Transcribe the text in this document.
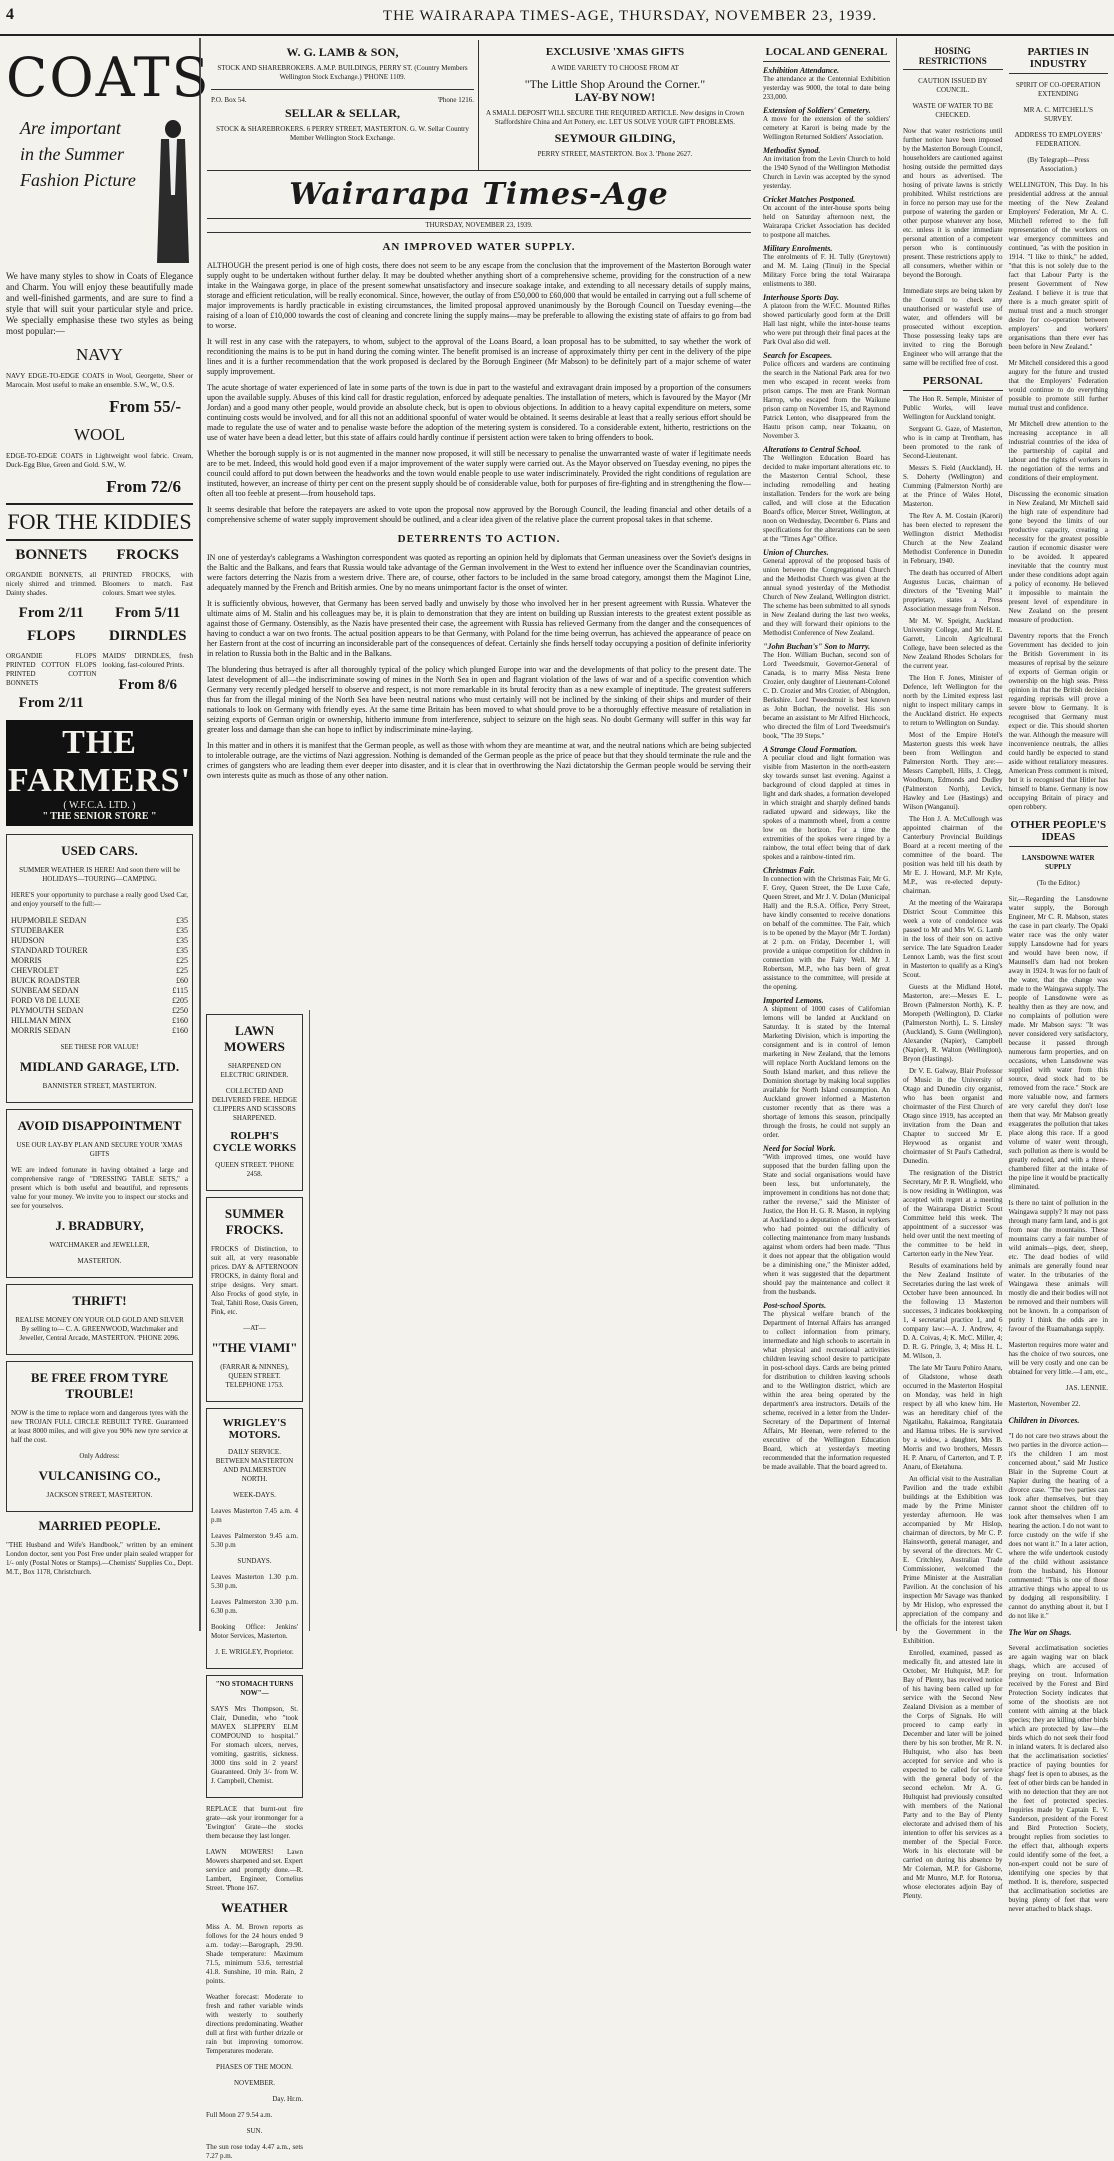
4	THE WAIRARAPA TIMES-AGE, THURSDAY, NOVEMBER 23, 1939.
COATS
Are important
in the Summer
Fashion Picture

We have many styles to show in Coats of Elegance and Charm. You will enjoy these beautifully made and well-finished garments, and are sure to find a style that will suit your particular style and price. We specially emphasise these two styles as being most popular:—

NAVY

NAVY EDGE-TO-EDGE COATS in Wool, Georgette, Sheer or Marocain. Most useful to make an ensemble. S.W., W., O.S.

From 55/-
WOOL

EDGE-TO-EDGE COATS in Lightweight wool fabric. Cream, Duck-Egg Blue, Green and Gold. S.W., W.

From 72/6
FOR THE KIDDIES
BONNETS

ORGANDIE BONNETS, all nicely shirred and trimmed. Dainty shades.

From 2/11
FROCKS

PRINTED FROCKS, with Bloomers to match. Fast colours. Smart wee styles.

From 5/11
FLOPS

ORGANDIE FLOPS PRINTED COTTON FLOPS PRINTED COTTON BONNETS

From 2/11
DIRNDLES

MAIDS' DIRNDLES, fresh looking, fast-coloured Prints.

From 8/6
THE FARMERS'
( W.F.C.A. LTD. )
" THE SENIOR STORE "
USED CARS.

SUMMER WEATHER IS HERE! And soon there will be HOLIDAYS—TOURING—CAMPING.

HERE'S your opportunity to purchase a really good Used Car, and enjoy yourself to the full:—

HUPMOBILE SEDAN	£35
STUDEBAKER	£35
HUDSON	£35
STANDARD TOURER	£35
MORRIS	£25
CHEVROLET	£25
BUICK ROADSTER	£60
SUNBEAM SEDAN	£115
FORD V8 DE LUXE	£205
PLYMOUTH SEDAN	£250
HILLMAN MINX	£160
MORRIS SEDAN	£160

SEE THESE FOR VALUE!

MIDLAND GARAGE, LTD.

BANNISTER STREET, MASTERTON.

AVOID DISAPPOINTMENT

USE OUR LAY-BY PLAN AND SECURE YOUR 'XMAS GIFTS

WE are indeed fortunate in having obtained a large and comprehensive range of "DRESSING TABLE SETS," a present which is both useful and beautiful, and represents value for your money. We invite you to inspect our stocks and see for yourselves.

J. BRADBURY,

WATCHMAKER and JEWELLER,

MASTERTON.

THRIFT!

REALISE MONEY ON YOUR OLD GOLD AND SILVER By selling to— C. A. GREENWOOD, Watchmaker and Jeweller, Central Arcade, MASTERTON. 'PHONE 2096.

BE FREE FROM TYRE TROUBLE!

NOW is the time to replace worn and dangerous tyres with the new TROJAN FULL CIRCLE REBUILT TYRE. Guaranteed at least 8000 miles, and will give you 90% new tyre service at half the cost.

Only Address:

VULCANISING CO.,

JACKSON STREET, MASTERTON.

MARRIED PEOPLE.

"THE Husband and Wife's Handbook," written by an eminent London doctor, sent you Post Free under plain sealed wrapper for 1/- only (Postal Notes or Stamps).—Chemists' Supplies Co., Dept. M.T., Box 1178, Christchurch.

LAWN MOWERS

SHARPENED ON ELECTRIC GRINDER.

COLLECTED AND DELIVERED FREE. HEDGE CLIPPERS AND SCISSORS SHARPENED.

ROLPH'S CYCLE WORKS

QUEEN STREET. 'PHONE 2458.

SUMMER FROCKS.

FROCKS of Distinction, to suit all, at very reasonable prices. DAY & AFTERNOON FROCKS, in dainty floral and stripe designs. Very smart. Also Frocks of good style, in Teal, Tahiti Rose, Oasis Green, Pink, etc.

—AT—

"THE VIAMI"

(FARRAR & NINNES), QUEEN STREET. TELEPHONE 1753.

WRIGLEY'S MOTORS.

DAILY SERVICE. BETWEEN MASTERTON AND PALMERSTON NORTH.

WEEK-DAYS.

Leaves Masterton 7.45 a.m. 4 p.m

Leaves Palmerston 9.45 a.m. 5.30 p.m

SUNDAYS.

Leaves Masterton 1.30 p.m. 5.30 p.m.

Leaves Palmerston 3.30 p.m. 6.30 p.m.

Booking Office: Jenkins' Motor Services, Masterton.

J. E. WRIGLEY, Proprietor.

"NO STOMACH TURNS NOW"—

SAYS Mrs Thompson, St. Clair, Dunedin, who "took MAVEX SLIPPERY ELM COMPOUND to hospital." For stomach ulcers, nerves, vomiting, gastritis, sickness. 3000 tins sold in 2 years! Guaranteed. Only 3/- from W. J. Campbell, Chemist.

REPLACE that burnt-out fire grate—ask your ironmonger for a 'Ewington' Grate—the stocks them because they last longer.

LAWN MOWERS! Lawn Mowers sharpened and set. Expert service and promptly done.—R. Lambert, Engineer, Cornelius Street. 'Phone 167.

WEATHER

Miss A. M. Brown reports as follows for the 24 hours ended 9 a.m. today:—Barograph, 29.90. Shade temperature: Maximum 71.5, minimum 53.6, terrestrial 41.8. Sunshine, 10 min. Rain, 2 points.

Weather forecast: Moderate to fresh and rather variable winds with westerly to southerly directions predominating. Weather dull at first with further drizzle or rain but improving tomorrow. Temperatures moderate.

PHASES OF THE MOON.

NOVEMBER.

Day. Hr.m.

Full Moon 27 9.54 a.m.

SUN.

The sun rose today 4.47 a.m., sets 7.27 p.m.

W. G. LAMB & SON,

STOCK AND SHAREBROKERS. A.M.P. BUILDINGS, PERRY ST. (Country Members Wellington Stock Exchange.) 'PHONE 1109.

P.O. Box 54.	'Phone 1216.
SELLAR & SELLAR,

STOCK & SHAREBROKERS. 6 PERRY STREET, MASTERTON. G. W. Sellar Country Member Wellington Stock Exchange.

EXCLUSIVE 'XMAS GIFTS

A WIDE VARIETY TO CHOOSE FROM AT

"The Little Shop Around the Corner."
LAY-BY NOW!

A SMALL DEPOSIT WILL SECURE THE REQUIRED ARTICLE. New designs in Crown Staffordshire China and Art Pottery, etc. LET US SOLVE YOUR GIFT PROBLEMS.

SEYMOUR GILDING,

PERRY STREET, MASTERTON. Box 3. 'Phone 2627.

Wairarapa Times-Age
THURSDAY, NOVEMBER 23, 1939.
AN IMPROVED WATER SUPPLY.

ALTHOUGH the present period is one of high costs, there does not seem to be any escape from the conclusion that the improvement of the Masterton Borough water supply ought to be undertaken without further delay. It may be doubted whether anything short of a comprehensive scheme, providing for the construction of a new intake in the Waingawa gorge, in place of the present somewhat unsatisfactory and insecure soakage intake, and extending to all necessary details of supply mains, storage and efficient reticulation, will be really economical. Since, however, the outlay of from £50,000 to £60,000 that would be entailed in carrying out a full scheme of major improvements is hardly practicable in existing circumstances, the limited proposal approved unanimously by the Borough Council on Tuesday evening—the raising of a loan of £10,000 towards the cost of cleaning and concrete lining the supply mains—may be preferable to allowing the existing state of affairs to go from bad to worse.

It will rest in any case with the ratepayers, to whom, subject to the approval of the Loans Board, a loan proposal has to be submitted, to say whether the work of reconditioning the mains is to be put in hand during the coming winter. The benefit promised is an increase of approximately thirty per cent in the delivery of the pipe lines and it is a further recommendation that the work proposed is declared by the Borough Engineer (Mr Mabson) to be definitely part of a major scheme of water supply improvement.

The acute shortage of water experienced of late in some parts of the town is due in part to the wasteful and extravagant drain imposed by a proportion of the consumers upon the available supply. Abuses of this kind call for drastic regulation, enforced by adequate penalties. The installation of meters, which is favoured by the Mayor (Mr Jordan) and a good many other people, would provide an absolute check, but is open to obvious objections. In addition to a heavy capital expenditure on meters, some continuing costs would be involved, and for all this not an additional spoonful of water would be obtained. It seems desirable at least that a really serious effort should be made to regulate the use of water and to penalise waste before the adoption of the metering system is considered. To a considerable extent, hitherto, restrictions on the use of water have been a dead letter, but this state of affairs could hardly continue if persistent action were taken to bring offenders to book.

Whether the borough supply is or is not augmented in the manner now proposed, it will still be necessary to penalise the unwarranted waste of water if legitimate needs are to be met. Indeed, this would hold good even if a major improvement of the water supply were carried out. As the Mayor observed on Tuesday evening, no pipes the council could afford to put down between the headworks and the town would enable people to use water indiscriminately. Provided the right conditions of regulation are instituted, however, an increase of thirty per cent on the present supply should be of considerable value, both for purposes of fire-fighting and in strengthening the flow—often all too feeble at present—from household taps.

It seems desirable that before the ratepayers are asked to vote upon the proposal now approved by the Borough Council, the leading financial and other details of a comprehensive scheme of water supply improvement should be outlined, and a clear idea given of the relative place the current proposal takes in that scheme.

DETERRENTS TO ACTION.

IN one of yesterday's cablegrams a Washington correspondent was quoted as reporting an opinion held by diplomats that German uneasiness over the Soviet's designs in the Baltic and the Balkans, and fears that Russia would take advantage of the German involvement in the West to extend her influence over the Scandinavian countries, were factors deterring the Nazis from a western drive. There are, of course, other factors to be included in the same broad category, amongst them the Maginot Line, adequately manned by the French and British armies. One by no means unimportant factor is the onset of winter.

It is sufficiently obvious, however, that Germany has been served badly and unwisely by those who involved her in her present agreement with Russia. Whatever the ultimate aims of M. Stalin and his colleagues may be, it is plain to demonstration that they are intent on building up Russian interests to the greatest extent possible as against those of Germany. Ostensibly, as the Nazis have presented their case, the agreement with Russia has relieved Germany from the danger and the consequences of having to conduct a war on two fronts. The actual position appears to be that Germany, with Poland for the time being overrun, has achieved the appearance of peace on her Eastern front at the cost of incurring an inconsiderable part of the consequences of defeat. Certainly she finds herself today occupying a position of definite inferiority in relation to Russia both in the Baltic and in the Balkans.

The blundering thus betrayed is after all thoroughly typical of the policy which plunged Europe into war and the developments of that policy to the present date. The latest development of all—the indiscriminate sowing of mines in the North Sea in open and flagrant violation of the laws of war and of a specific convention which Germany very recently pledged herself to observe and respect, is not more remarkable in its brutal ferocity than as a new example of ineptitude. The greatest sufferers thus far from the illegal mining of the North Sea have been neutral nations who must certainly will not be inclined by the sinking of their ships and murder of their nationals to look on Germany with friendly eyes. At the same time Britain has been moved to what should prove to be a thoroughly effective measure of retaliation in seizing exports of German origin or ownership, hitherto immune from interference, subject to seizure on the high seas. No doubt Germany will suffer in this way far greater loss and damage than she can hope to inflict by indiscriminate mine-laying.

In this matter and in others it is manifest that the German people, as well as those with whom they are meantime at war, and the neutral nations which are being subjected to intolerable outrage, are the victims of Nazi aggression. Nothing is demanded of the German people as the price of peace but that they should terminate the rule and the crimes of gangsters who are leading them ever deeper into disaster, and it is clear that in overthrowing the Nazi dictatorship the German people would be serving their own interests quite as much as those of any other nation.

LOCAL AND GENERAL
Exhibition Attendance.

The attendance at the Centennial Exhibition yesterday was 9000, the total to date being 233,000.

Extension of Soldiers' Cemetery.

A move for the extension of the soldiers' cemetery at Karori is being made by the Wellington Returned Soldiers' Association.

Methodist Synod.

An invitation from the Levin Church to hold the 1940 Synod of the Wellington Methodist Church in Levin was accepted by the synod yesterday.

Cricket Matches Postponed.

On account of the inter-house sports being held on Saturday afternoon next, the Wairarapa Cricket Association has decided to postpone all matches.

Military Enrolments.

The enrolments of F. H. Tully (Greytown) and M. M. Laing (Tinui) in the Special Military Force bring the total Wairarapa enlistments to 380.

Interhouse Sports Day.

A platoon from the W.F.C. Mounted Rifles showed particularly good form at the Drill Hall last night, while the inter-house teams who were put through their final paces at the Park Oval also did well.

Search for Escapees.

Police officers and wardens are continuing the search in the National Park area for two men who escaped in recent weeks from prison camps. The men are Frank Norman Harrop, who escaped from the Waikune prison camp on November 15, and Raymond Patrick Lenton, who disappeared from the Hautu prison camp, near Tokaanu, on November 3.

Alterations to Central School.

The Wellington Education Board has decided to make important alterations etc. to the Masterton Central School, these including remodelling and heating installation. Tenders for the work are being called, and will close at the Education Board's office, Mercer Street, Wellington, at noon on Wednesday, December 6. Plans and specifications for the alterations can be seen at the "Times Age" Office.

Union of Churches.

General approval of the proposed basis of union between the Congregational Church and the Methodist Church was given at the annual synod yesterday of the Methodist Church of New Zealand, Wellington district. The scheme has been submitted to all synods in New Zealand during the last two weeks, and they will forward their opinions to the Methodist Conference of New Zealand.

"John Buchan's" Son to Marry.

The Hon. William Buchan, second son of Lord Tweedsmuir, Governor-General of Canada, is to marry Miss Nesta Irene Crozier, only daughter of Lieutenant-Colonel C. D. Crozier and Mrs Crozier, of Abingdon, Berkshire. Lord Tweedsmuir is best known as John Buchan, the novelist. His son became an assistant to Mr Alfred Hitchcock, who directed the film of Lord Tweedsmuir's book, "The 39 Steps."

A Strange Cloud Formation.

A peculiar cloud and light formation was visible from Masterton in the north-eastern sky towards sunset last evening. Against a background of cloud dappled at times in light and dark shades, a formation developed in which straight and sharply defined bands radiated upward and sideways, like the spokes of a mammoth wheel, from a centre low on the horizon. For a time the extremities of the spokes were ringed by a rainbow, the total effect being that of dark spokes and a rainbow-tinted rim.

Christmas Fair.

In connection with the Christmas Fair, Mr G. F. Grey, Queen Street, the De Luxe Cafe, Queen Street, and Mr J. V. Dolan (Municipal Hall) and the R.S.A. Office, Perry Street, have kindly consented to receive donations on behalf of the committee. The Fair, which is to be opened by the Mayor (Mr T. Jordan) at 2 p.m. on Friday, December 1, will provide a unique competition for children in connection with the Fairy Well. Mr J. Robertson, M.P., who has been of great assistance to the committee, will preside at the opening.

Imported Lemons.

A shipment of 1000 cases of Californian lemons will be landed at Auckland on Saturday. It is stated by the Internal Marketing Division, which is importing the consignment and is in control of lemon marketing in New Zealand, that the lemons will replace North Auckland lemons on the South Island market, and thus relieve the Dominion shortage by making local supplies available for North Island consumption. An Auckland grower informed a Masterton customer recently that as there was a shortage of lemons this season, principally through the frosts, he could not supply an order.

Need for Social Work.

"With improved times, one would have supposed that the burden falling upon the State and social organisations would have been less, but unfortunately, the improvement in conditions has not done that; rather the reverse," said the Minister of Justice, the Hon H. G. R. Mason, in replying at Auckland to a deputation of social workers who had pointed out the difficulty of collecting maintenance from many husbands against whom orders had been made. "Thus it does not appear that the obligation would be a diminishing one," the Minister added, when it was suggested that the department should pay the maintenance and collect it from the husbands.

Post-school Sports.

The physical welfare branch of the Department of Internal Affairs has arranged to collect information from primary, intermediate and high schools to ascertain in what physical and recreational activities children leaving school desire to participate in post-school days. Cards are being printed for distribution to children leaving schools and to the Wellington district, which are within the area being operated by the department's area instructors. Details of the scheme, received in a letter from the Under-Secretary of the Department of Internal Affairs, Mr Heenan, were referred to the executive of the Wellington Education Board, which at yesterday's meeting recommended that the information requested be made available. That the board agreed to.

HOSING RESTRICTIONS

CAUTION ISSUED BY COUNCIL.

WASTE OF WATER TO BE CHECKED.

Now that water restrictions until further notice have been imposed by the Masterton Borough Council, householders are cautioned against hosing outside the permitted days and hours as advertised. The hosing of private lawns is strictly prohibited. Whilst restrictions are in force no person may use for the purpose of watering the garden or other purpose whatever any hose, etc. unless it is under immediate personal attention of a competent person who is continuously present. These restrictions apply to all consumers, whether within or beyond the Borough.

Immediate steps are being taken by the Council to check any unauthorised or wasteful use of water, and offenders will be prosecuted without exception. Those possessing leaky taps are invited to ring the Borough Engineer who will arrange that the same will be rectified free of cost.

PERSONAL

The Hon R. Semple, Minister of Public Works, will leave Wellington for Auckland tonight.

Sergeant G. Gaze, of Masterton, who is in camp at Trentham, has been promoted to the rank of Second-Lieutenant.

Messrs S. Field (Auckland), H. S. Doherty (Wellington) and Cumming (Palmerston North) are at the Prince of Wales Hotel, Masterton.

The Rev A. M. Costain (Karori) has been elected to represent the Wellington district Methodist Church at the New Zealand Methodist Conference in Dunedin in February, 1940.

The death has occurred of Albert Augustus Lucas, chairman of directors of the "Evening Mail" proprietary, states a Press Association message from Nelson.

Mr M. W. Speight, Auckland University College, and Mr H. E. Garrett, Lincoln Agricultural College, have been selected as the New Zealand Rhodes Scholars for the current year.

The Hon F. Jones, Minister of Defence, left Wellington for the north by the Limited express last night to inspect military camps in the Auckland district. He expects to return to Wellington on Sunday.

Most of the Empire Hotel's Masterton guests this week have been from Wellington and Palmerston North. They are:—Messrs Campbell, Hills, J. Clegg, Woodburn, Edmonds and Dudley (Palmerston North), Levick, Hawley and Lee (Hastings) and Wilson (Wanganui).

The Hon J. A. McCullough was appointed chairman of the Canterbury Provincial Buildings Board at a recent meeting of the committee of the board. The position was held till his death by Mr E. J. Howard, M.P. Mr Kyle, M.P., was re-elected deputy-chairman.

At the meeting of the Wairarapa District Scout Committee this week a vote of condolence was passed to Mr and Mrs W. G. Lamb in the loss of their son on active service. The late Squadron Leader Lennox Lamb, was the first scout in Masterton to qualify as a King's Scout.

Guests at the Midland Hotel, Masterton, are:—Messrs E. L. Brown (Palmerston North), K. P. Morepeth (Wellington), D. Clarke (Palmerston North), L. S. Linsley (Auckland), S. Gunn (Wellington), Alexander (Napier), Campbell (Napier), R. Walton (Wellington), Bryon (Hastings).

Dr V. E. Galway, Blair Professor of Music in the University of Otago and Dunedin city organist, who has been organist and choirmaster of the First Church of Otago since 1919, has accepted an invitation from the Dean and Chapter to succeed Mr E. Heywood as organist and choirmaster of St Paul's Cathedral, Dunedin.

The resignation of the District Secretary, Mr P. R. Wingfield, who is now residing in Wellington, was accepted with regret at a meeting of the Wairarapa District Scout Committee held this week. The appointment of a successor was held over until the next meeting of the committee to be held in Carterton early in the New Year.

Results of examinations held by the New Zealand Institute of Secretaries during the last week of October have been announced. In the following 13 Masterton successes, 3 indicates bookkeeping 1, 4 secretarial practice 1, and 6 company law:—A. J. Andrew, 4; D. A. Coivas, 4; K. McC. Miller, 4; D. R. G. Pringle, 3, 4; Miss H. L. M. Wilson, 3.

The late Mr Tauru Pohiro Anaru, of Gladstone, whose death occurred in the Masterton Hospital on Monday, was held in high respect by all who knew him. He was an hereditary chief of the Ngatikahu, Rakaimoa, Rangitataia and Hamua tribes. He is survived by a widow, a daughter, Mrs B. Morris and two brothers, Messrs H. P. Anaru, of Carterton, and T. P. Anaru, of Eketahuna.

An official visit to the Australian Pavilion and the trade exhibit buildings at the Exhibition was made by the Prime Minister yesterday afternoon. He was accompanied by Mr Hislop, chairman of directors, by Mr C. P. Hainsworth, general manager, and by several of the directors. Mr C. E. Critchley, Australian Trade Commissioner, welcomed the Prime Minister at the Australian Pavilion. At the conclusion of his inspection Mr Savage was thanked by Mr Hislop, who expressed the appreciation of the company and the officials for the interest taken by the Government in the Exhibition.

Enrolled, examined, passed as medically fit, and attested late in October, Mr Hultquist, M.P. for Bay of Plenty, has received notice of his having been called up for service with the Second New Zealand Division as a member of the Corps of Signals. He will proceed to camp early in December and later will be joined there by his son brother, Mr R. N. Hultquist, who also has been accepted for service and who is expected to be called for service with the general body of the second echelon. Mr A. G. Hultquist had previously consulted with members of the National Party and to the Bay of Plenty electorate and advised them of his intention to offer his services as a member of the Special Force. Work in his electorate will be carried on during his absence by Mr Coleman, M.P. for Gisborne, and Mr Munro, M.P. for Rotorua, whose electorates adjoin Bay of Plenty.

PARTIES IN INDUSTRY

SPIRIT OF CO-OPERATION EXTENDING

MR A. C. MITCHELL'S SURVEY.

ADDRESS TO EMPLOYERS' FEDERATION.

(By Telegraph—Press Association.)

WELLINGTON, This Day. In his presidential address at the annual meeting of the New Zealand Employers' Federation, Mr A. C. Mitchell referred to the full representation of the workers on war emergency committees and continued, "as with the position in 1914. "I like to think," he added, "that this is not solely due to the fact that Labour Party is the present Government of New Zealand. I believe it is true that there is a much greater spirit of mutual trust and a much stronger desire for co-operation between employers' and workers' organisations than there ever has been before in New Zealand."

Mr Mitchell considered this a good augury for the future and trusted that the Employers' Federation would continue to do everything possible to promote still further mutual trust and confidence.

Mr Mitchell drew attention to the increasing acceptance in all industrial countries of the idea of the partnership of capital and labour and the rights of workers in the negotiation of the terms and conditions of their employment.

Discussing the economic situation in New Zealand, Mr Mitchell said the high rate of expenditure had gone beyond the limits of our productive capacity, creating a necessity for the greatest possible caution if economic disaster were to be avoided. It appeared inevitable that the country must under these conditions adopt again a policy of economy. He believed it impossible to maintain the present level of expenditure in New Zealand on the present measure of production.

Daventry reports that the French Government has decided to join the British Government in its measures of reprisal by the seizure of exports of German origin or ownership on the high seas. Press opinion in that the British decision regarding reprisals will prove a severe blow to Germany. It is recognised that Germany must expect or die. This should shorten the war. Although the measure will inconvenience neutrals, the allies could hardly be expected to stand aside without retaliatory measures. American Press comment is mixed, but it is recognised that Hitler has himself to blame. Germany is now occupying Britain of piracy and open robbery.

OTHER PEOPLE'S IDEAS

LANSDOWNE WATER SUPPLY

(To the Editor.)

Sir,—Regarding the Lansdowne water supply, the Borough Engineer, Mr C. R. Mabson, states the case in part clearly. The Opaki water race was the only water supply Lansdowne had for years and would have been now, if Maunsell's dam had not broken away in 1924. It was for no fault of the water, that the change was made to the Waingawa supply. The people of Lansdowne were as healthy then as they are now, and no complaints of pollution were made. Mr Mabson says: "It was never considered very satisfactory, because it passed through numerous farm properties, and on occasions, when Lansdowne was supplied with water from this source, dead stock had to be removed from the race." Stock are more valuable now, and farmers are very careful they don't lose them that way. Mr Mabson greatly exaggerates the pollution that takes place along this race. If a good volume of water went through, such pollution as there is would be greatly reduced, and with a three-chambered filter at the intake of the pipe line it would be practically eliminated.

Is there no taint of pollution in the Waingawa supply? It may not pass through many farm land, and is got from near the mountains. These mountains carry a fair number of wild animals—pigs, deer, sheep, etc. The dead bodies of wild animals are generally found near water. In the tributaries of the Waingawa these animals will mostly die and their bodies will not be removed and their numbers will not be known. In a comparison of purity I think the odds are in favour of the Ruamahanga supply.

Masterton requires more water and has the choice of two sources, one will be very costly and one can be obtained for very little.—I am, etc.,

JAS. LENNIE.

Masterton, November 22.

Children in Divorces.

"I do not care two straws about the two parties in the divorce action—it's the children I am most concerned about," said Mr Justice Blair in the Supreme Court at Napier during the hearing of a divorce case. "The two parties can look after themselves, but they cannot shoot the children off to look after themselves when I am hearing the action. I do not want to force custody on the wife if she does not want it." In a later action, where the wife undertook custody of the child without assistance from the husband, his Honour commented: "This is one of those attractive things who appeal to us by dodging all responsibility. I cannot do anything about it, but I do not like it."

The War on Shags.

Several acclimatisation societies are again waging war on black shags, which are accused of preying on trout. Information received by the Forest and Bird Protection Society indicates that some of the shootists are not content with aiming at the black species; they are killing other birds which are protected by law—the birds which do not seek their food in inland waters. It is declared also that the acclimatisation societies' practice of paying bounties for shags' feet is open to abuses, as the feet of other birds can be handed in with no detection that they are not the feet of protected species. Inquiries made by Captain E. V. Sanderson, president of the Forest and Bird Protection Society, brought replies from societies to the effect that, although experts could identify some of the feet, a non-expert could not be sure of identifying one species by that method. It is, therefore, suspected that acclimatisation societies are buying plenty of feet that were never attached to black shags.
